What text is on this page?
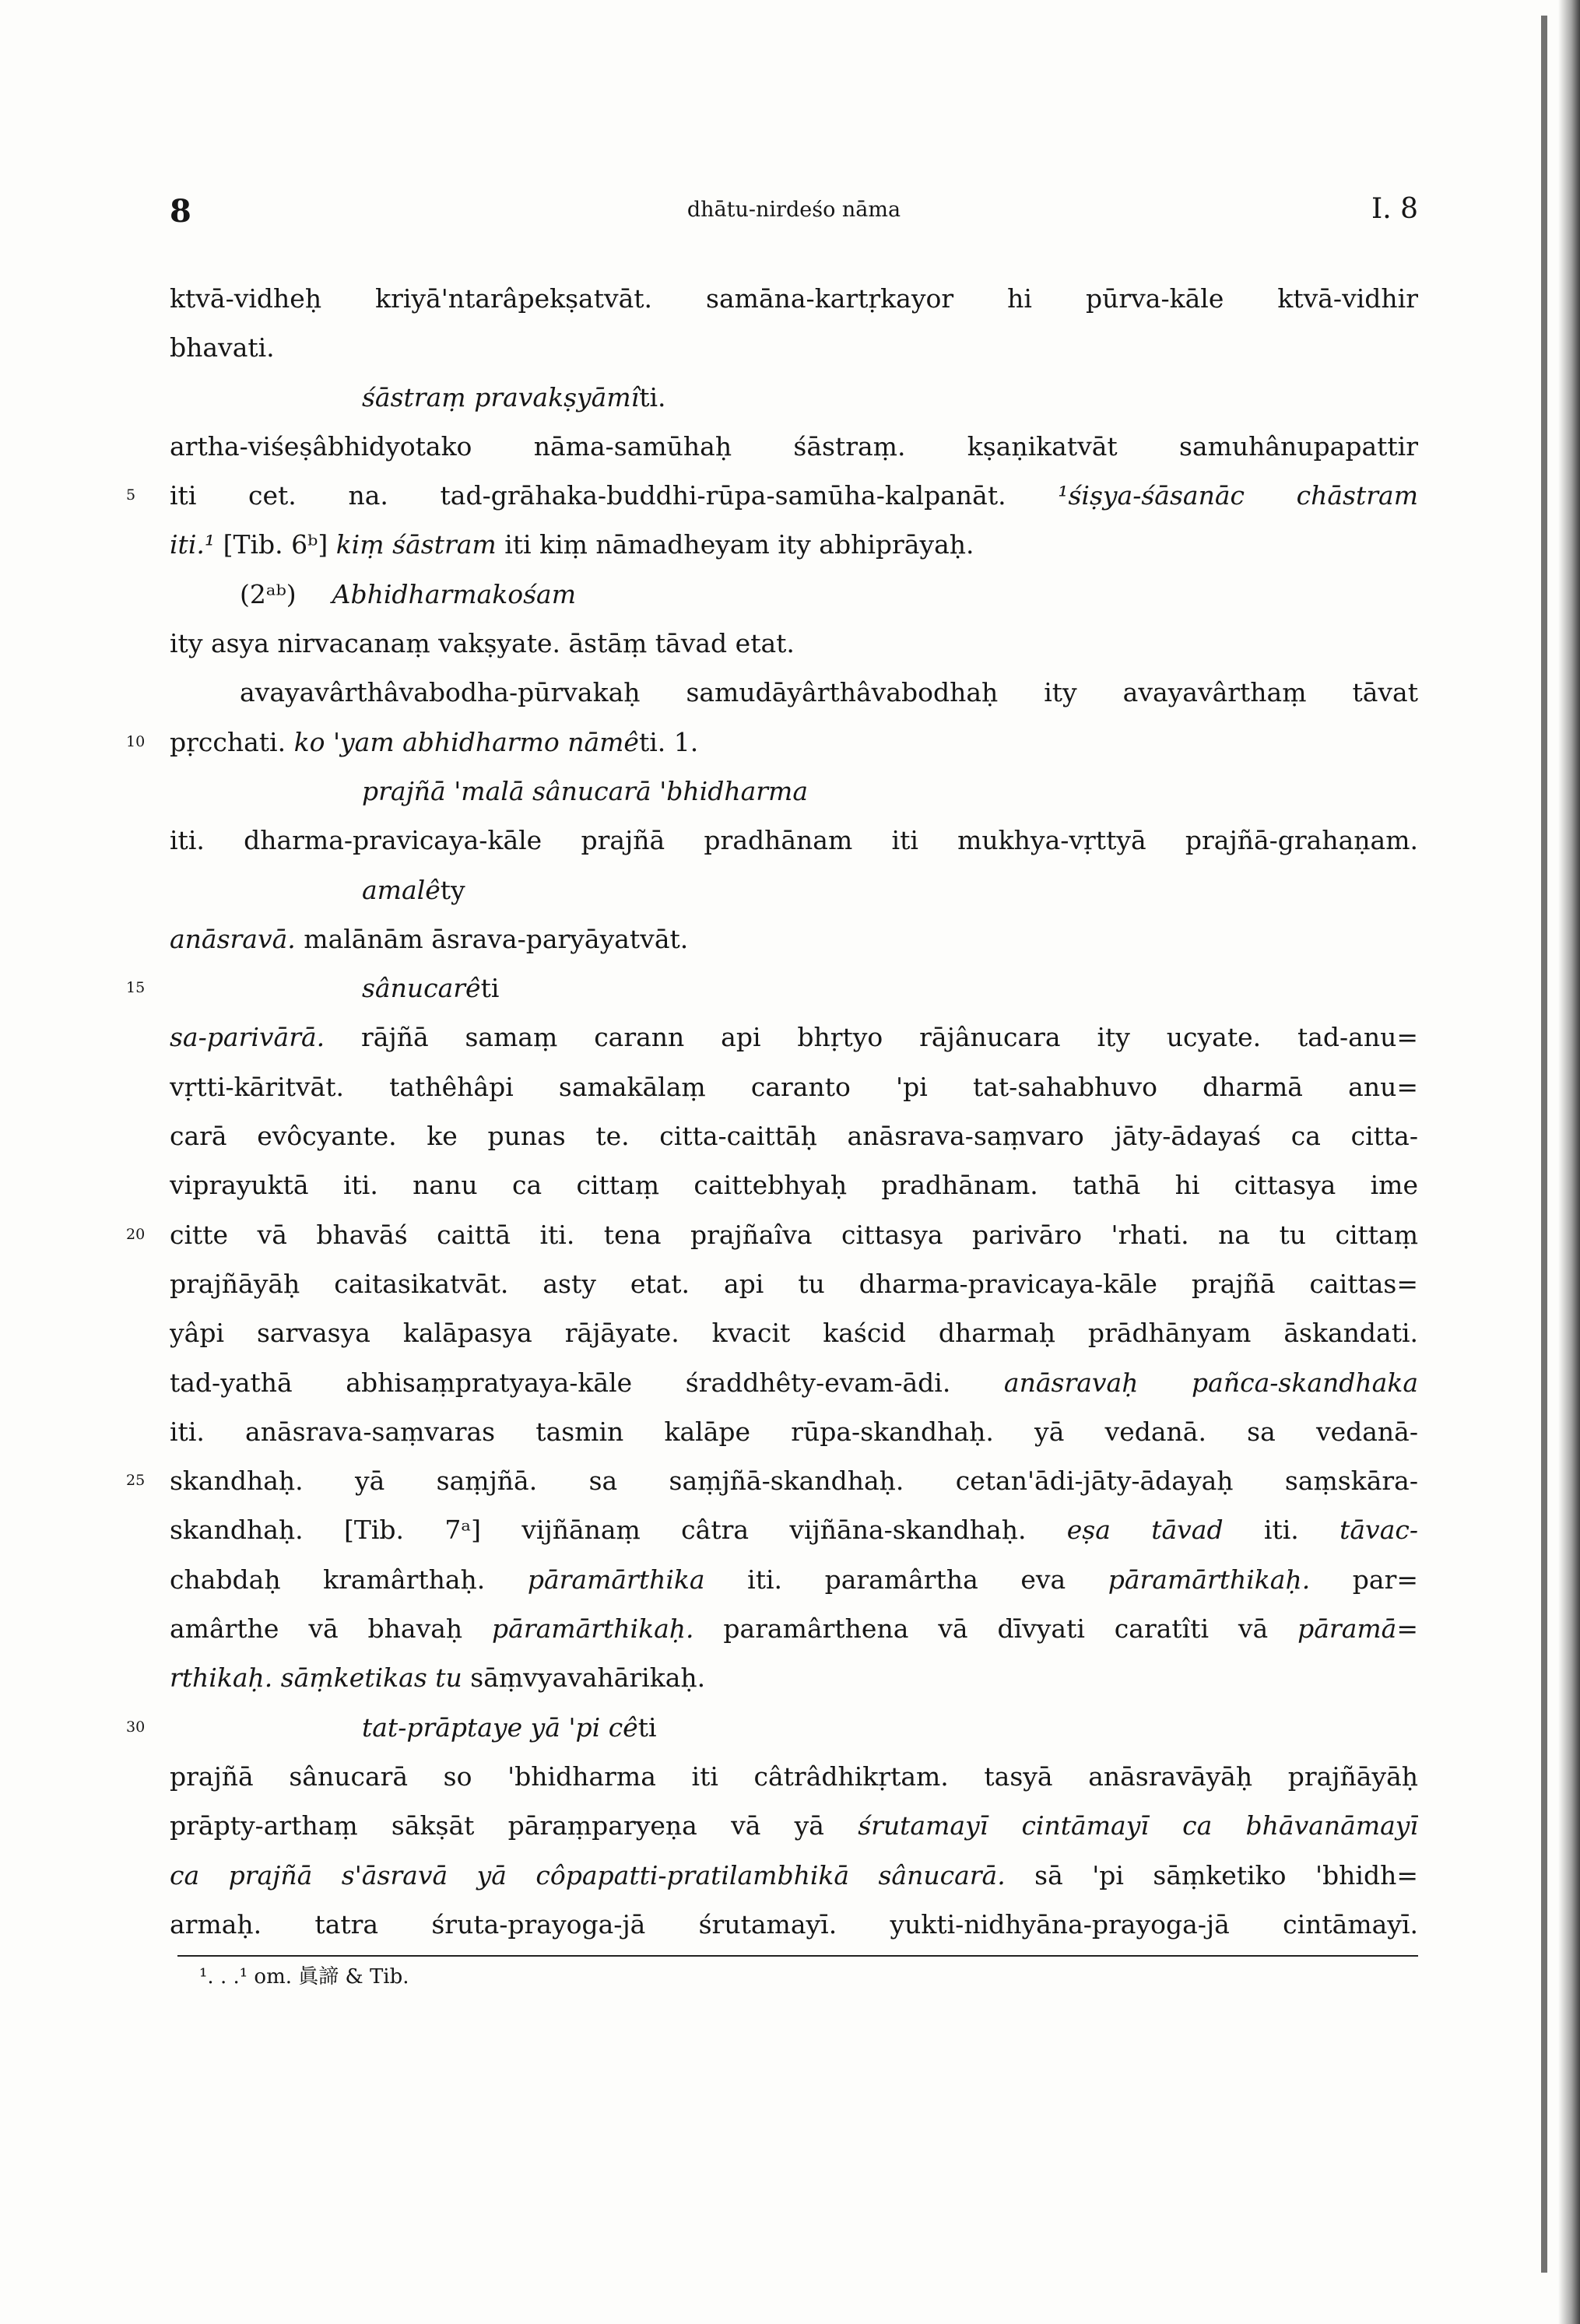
8	dhātu-nirdeśo nāma	I. 8
5
10
15
20
25
30
ktvā-vidheḥ kriyā'ntarâpekṣatvāt. samāna-kartṛkayor hi pūrva-kāle ktvā-vidhir
bhavati.
śāstraṃ pravakṣyāmîti.
artha-viśeṣâbhidyotako nāma-samūhaḥ śāstraṃ. kṣaṇikatvāt samuhânupapattir
iti cet. na. tad-grāhaka-buddhi-rūpa-samūha-kalpanāt. ¹śiṣya-śāsanāc chāstram
iti.¹ [Tib. 6ᵇ] kiṃ śāstram iti kiṃ nāmadheyam ity abhiprāyaḥ.
(2ᵃᵇ) Abhidharmakośam
ity asya nirvacanaṃ vakṣyate. āstāṃ tāvad etat.
avayavârthâvabodha-pūrvakaḥ samudāyârthâvabodhaḥ ity avayavârthaṃ tāvat
pṛcchati. ko 'yam abhidharmo nāmêti. 1.
prajñā 'malā sânucarā 'bhidharma
iti. dharma-pravicaya-kāle prajñā pradhānam iti mukhya-vṛttyā prajñā-grahaṇam.
amalêty
anāsravā. malānām āsrava-paryāyatvāt.
sânucarêti
sa-parivārā. rājñā samaṃ carann api bhṛtyo rājânucara ity ucyate. tad-anu=
vṛtti-kāritvāt. tathêhâpi samakālaṃ caranto 'pi tat-sahabhuvo dharmā anu=
carā evôcyante. ke punas te. citta-caittāḥ anāsrava-saṃvaro jāty-ādayaś ca citta-
viprayuktā iti. nanu ca cittaṃ caittebhyaḥ pradhānam. tathā hi cittasya ime
citte vā bhavāś caittā iti. tena prajñaîva cittasya parivāro 'rhati. na tu cittaṃ
prajñāyāḥ caitasikatvāt. asty etat. api tu dharma-pravicaya-kāle prajñā caittas=
yâpi sarvasya kalāpasya rājāyate. kvacit kaścid dharmaḥ prādhānyam āskandati.
tad-yathā abhisaṃpratyaya-kāle śraddhêty-evam-ādi. anāsravaḥ pañca-skandhaka
iti. anāsrava-saṃvaras tasmin kalāpe rūpa-skandhaḥ. yā vedanā. sa vedanā-
skandhaḥ. yā saṃjñā. sa saṃjñā-skandhaḥ. cetan'ādi-jāty-ādayaḥ saṃskāra-
skandhaḥ. [Tib. 7ᵃ] vijñānaṃ câtra vijñāna-skandhaḥ. eṣa tāvad iti. tāvac-
chabdaḥ kramârthaḥ. pāramārthika iti. paramârtha eva pāramārthikaḥ. par=
amârthe vā bhavaḥ pāramārthikaḥ. paramârthena vā dīvyati caratîti vā pāramā=
rthikaḥ. sāṃketikas tu sāṃvyavahārikaḥ.
tat-prāptaye yā 'pi cêti
prajñā sânucarā so 'bhidharma iti câtrâdhikṛtam. tasyā anāsravāyāḥ prajñāyāḥ
prāpty-arthaṃ sākṣāt pāraṃparyeṇa vā yā śrutamayī cintāmayī ca bhāvanāmayī
ca prajñā s'āsravā yā côpapatti-pratilambhikā sânucarā. sā 'pi sāṃketiko 'bhidh=
armaḥ. tatra śruta-prayoga-jā śrutamayī. yukti-nidhyāna-prayoga-jā cintāmayī.
¹. . .¹ om. 眞諦 & Tib.
